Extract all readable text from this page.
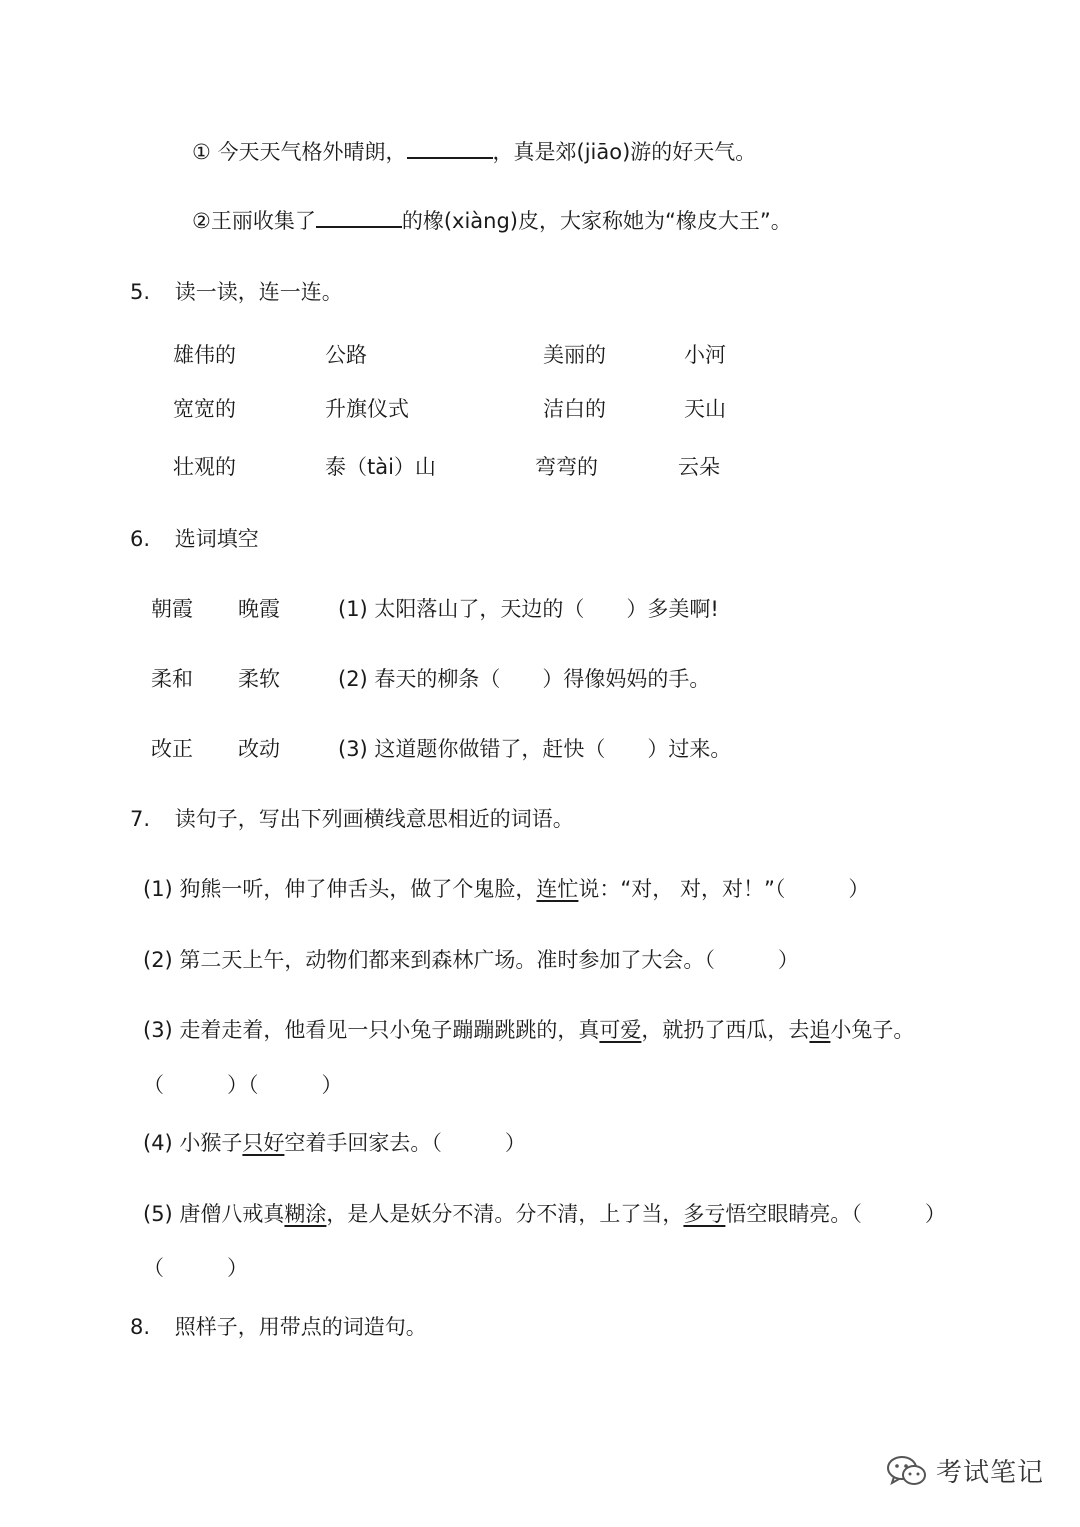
① 今天天气格外晴朗，	，真是郊(jiāo)游的好天气。
②王丽收集了	的橡(xiàng)皮，大家称她为“橡皮大王”。
5. 读一读，连一连。
雄伟的	公路	美丽的	小河
宽宽的	升旗仪式	洁白的	天山
壮观的	泰（tài）山	弯弯的	云朵
6. 选词填空
朝霞 晚霞	(1) 太阳落山了，天边的（　　）多美啊!
柔和 柔软	(2) 春天的柳条（　　）得像妈妈的手。
改正 改动	(3) 这道题你做错了，赶快（　　）过来。
7. 读句子，写出下列画横线意思相近的词语。
(1) 狗熊一听，伸了伸舌头，做了个鬼脸，连忙说：“对， 对，对！”（　　　）
(2) 第二天上午，动物们都来到森林广场。准时参加了大会。（　　　）
(3) 走着走着，他看见一只小兔子蹦蹦跳跳的，真可爱，就扔了西瓜，去追小兔子。
（　　　）（　　　）
(4) 小猴子只好空着手回家去。（　　　）
(5) 唐僧八戒真糊涂，是人是妖分不清。分不清，上了当，多亏悟空眼睛亮。（　　　）
（　　　）
8. 照样子，用带点的词造句。
考试笔记
